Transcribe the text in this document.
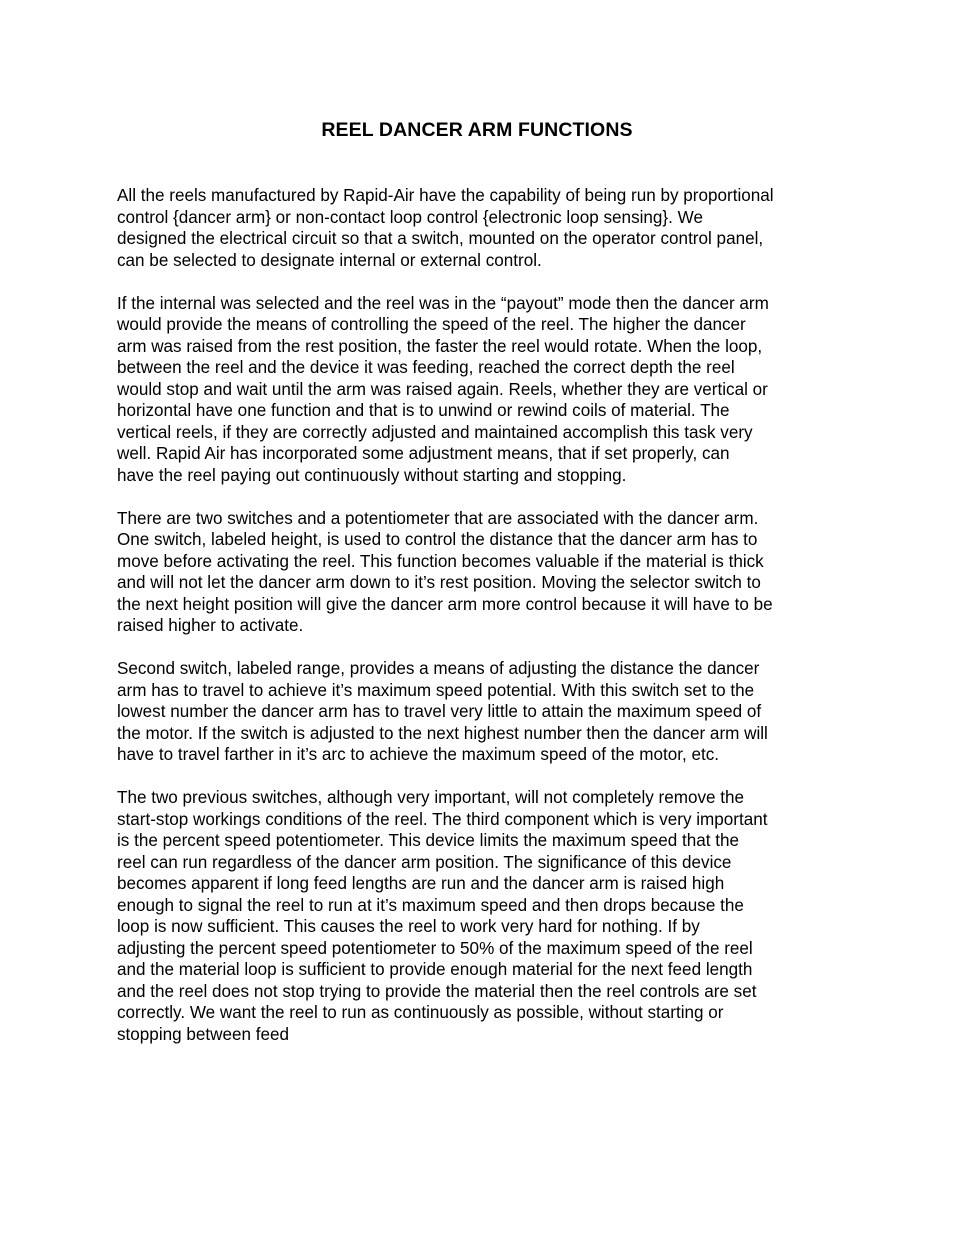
REEL DANCER ARM FUNCTIONS

All the reels manufactured by Rapid-Air have the capability of being run by proportional
control {dancer arm} or non-contact loop control {electronic loop sensing}. We
designed the electrical circuit so that a switch, mounted on the operator control panel,
can be selected to designate internal or external control.

If the internal was selected and the reel was in the “payout” mode then the dancer arm
would provide the means of controlling the speed of the reel. The higher the dancer
arm was raised from the rest position, the faster the reel would rotate. When the loop,
between the reel and the device it was feeding, reached the correct depth the reel
would stop and wait until the arm was raised again. Reels, whether they are vertical or
horizontal have one function and that is to unwind or rewind coils of material. The
vertical reels, if they are correctly adjusted and maintained accomplish this task very
well. Rapid Air has incorporated some adjustment means, that if set properly, can
have the reel paying out continuously without starting and stopping.

There are two switches and a potentiometer that are associated with the dancer arm.
One switch, labeled height, is used to control the distance that the dancer arm has to
move before activating the reel. This function becomes valuable if the material is thick
and will not let the dancer arm down to it’s rest position. Moving the selector switch to
the next height position will give the dancer arm more control because it will have to be
raised higher to activate.

Second switch, labeled range, provides a means of adjusting the distance the dancer
arm has to travel to achieve it’s maximum speed potential. With this switch set to the
lowest number the dancer arm has to travel very little to attain the maximum speed of
the motor. If the switch is adjusted to the next highest number then the dancer arm will
have to travel farther in it’s arc to achieve the maximum speed of the motor, etc.

The two previous switches, although very important, will not completely remove the
start-stop workings conditions of the reel. The third component which is very important
is the percent speed potentiometer. This device limits the maximum speed that the
reel can run regardless of the dancer arm position. The significance of this device
becomes apparent if long feed lengths are run and the dancer arm is raised high
enough to signal the reel to run at it’s maximum speed and then drops because the
loop is now sufficient. This causes the reel to work very hard for nothing. If by
adjusting the percent speed potentiometer to 50% of the maximum speed of the reel
and the material loop is sufficient to provide enough material for the next feed length
and the reel does not stop trying to provide the material then the reel controls are set
correctly. We want the reel to run as continuously as possible, without starting or
stopping between feed
